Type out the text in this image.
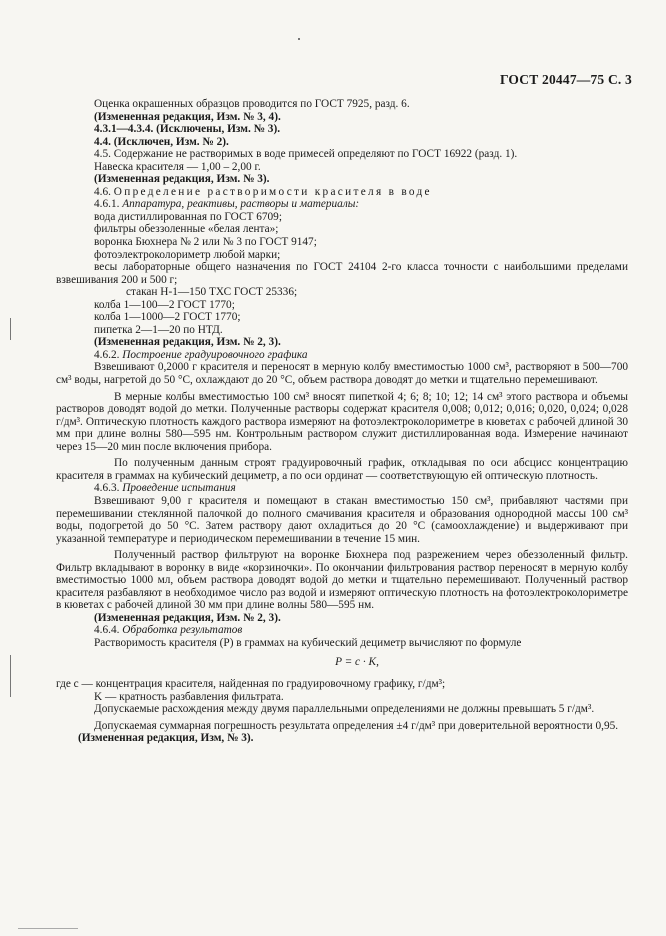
ГОСТ 20447—75 С. 3

Оценка окрашенных образцов проводится по ГОСТ 7925, разд. 6.

(Измененная редакция, Изм. № 3, 4).

4.3.1—4.3.4. (Исключены, Изм. № 3).

4.4. (Исключен, Изм. № 2).

4.5. Содержание не растворимых в воде примесей определяют по ГОСТ 16922 (разд. 1).

Навеска красителя — 1,00 – 2,00 г.

(Измененная редакция, Изм. № 3).

4.6. Определение растворимости красителя в воде

4.6.1. Аппаратура, реактивы, растворы и материалы:

вода дистиллированная по ГОСТ 6709;

фильтры обеззоленные «белая лента»;

воронка Бюхнера № 2 или № 3 по ГОСТ 9147;

фотоэлектроколориметр любой марки;

весы лабораторные общего назначения по ГОСТ 24104 2-го класса точности с наибольшими пределами взвешивания 200 и 500 г;

стакан Н-1—150 ТХС ГОСТ 25336;

колба 1—100—2 ГОСТ 1770;

колба 1—1000—2 ГОСТ 1770;

пипетка 2—1—20 по НТД.

(Измененная редакция, Изм. № 2, 3).

4.6.2. Построение градуировочного графика

Взвешивают 0,2000 г красителя и переносят в мерную колбу вместимостью 1000 см³, растворяют в 500—700 см³ воды, нагретой до 50 °С, охлаждают до 20 °С, объем раствора доводят до метки и тщательно перемешивают.

В мерные колбы вместимостью 100 см³ вносят пипеткой 4; 6; 8; 10; 12; 14 см³ этого раствора и объемы растворов доводят водой до метки. Полученные растворы содержат красителя 0,008; 0,012; 0,016; 0,020, 0,024; 0,028 г/дм³. Оптическую плотность каждого раствора измеряют на фотоэлектроколориметре в кюветах с рабочей длиной 30 мм при длине волны 580—595 нм. Контрольным раствором служит дистиллированная вода. Измерение начинают через 15—20 мин после включения прибора.

По полученным данным строят градуировочный график, откладывая по оси абсцисс концентрацию красителя в граммах на кубический дециметр, а по оси ординат — соответствующую ей оптическую плотность.

4.6.3. Проведение испытания

Взвешивают 9,00 г красителя и помещают в стакан вместимостью 150 см³, прибавляют частями при перемешивании стеклянной палочкой до полного смачивания красителя и образования однородной массы 100 см³ воды, подогретой до 50 °С. Затем раствору дают охладиться до 20 °С (самоохлаждение) и выдерживают при указанной температуре и периодическом перемешивании в течение 15 мин.

Полученный раствор фильтруют на воронке Бюхнера под разрежением через обеззоленный фильтр. Фильтр вкладывают в воронку в виде «корзиночки». По окончании фильтрования раствор переносят в мерную колбу вместимостью 1000 мл, объем раствора доводят водой до метки и тщательно перемешивают. Полученный раствор красителя разбавляют в необходимое число раз водой и измеряют оптическую плотность на фотоэлектроколориметре в кюветах с рабочей длиной 30 мм при длине волны 580—595 нм.

(Измененная редакция, Изм. № 2, 3).

4.6.4. Обработка результатов

Растворимость красителя (Р) в граммах на кубический дециметр вычисляют по формуле

P = c · K,

где с — концентрация красителя, найденная по градуировочному графику, г/дм³;

K — кратность разбавления фильтрата.

Допускаемые расхождения между двумя параллельными определениями не должны превышать 5 г/дм³.

Допускаемая суммарная погрешность результата определения ±4 г/дм³ при доверительной вероятности 0,95.

(Измененная редакция, Изм, № 3).
